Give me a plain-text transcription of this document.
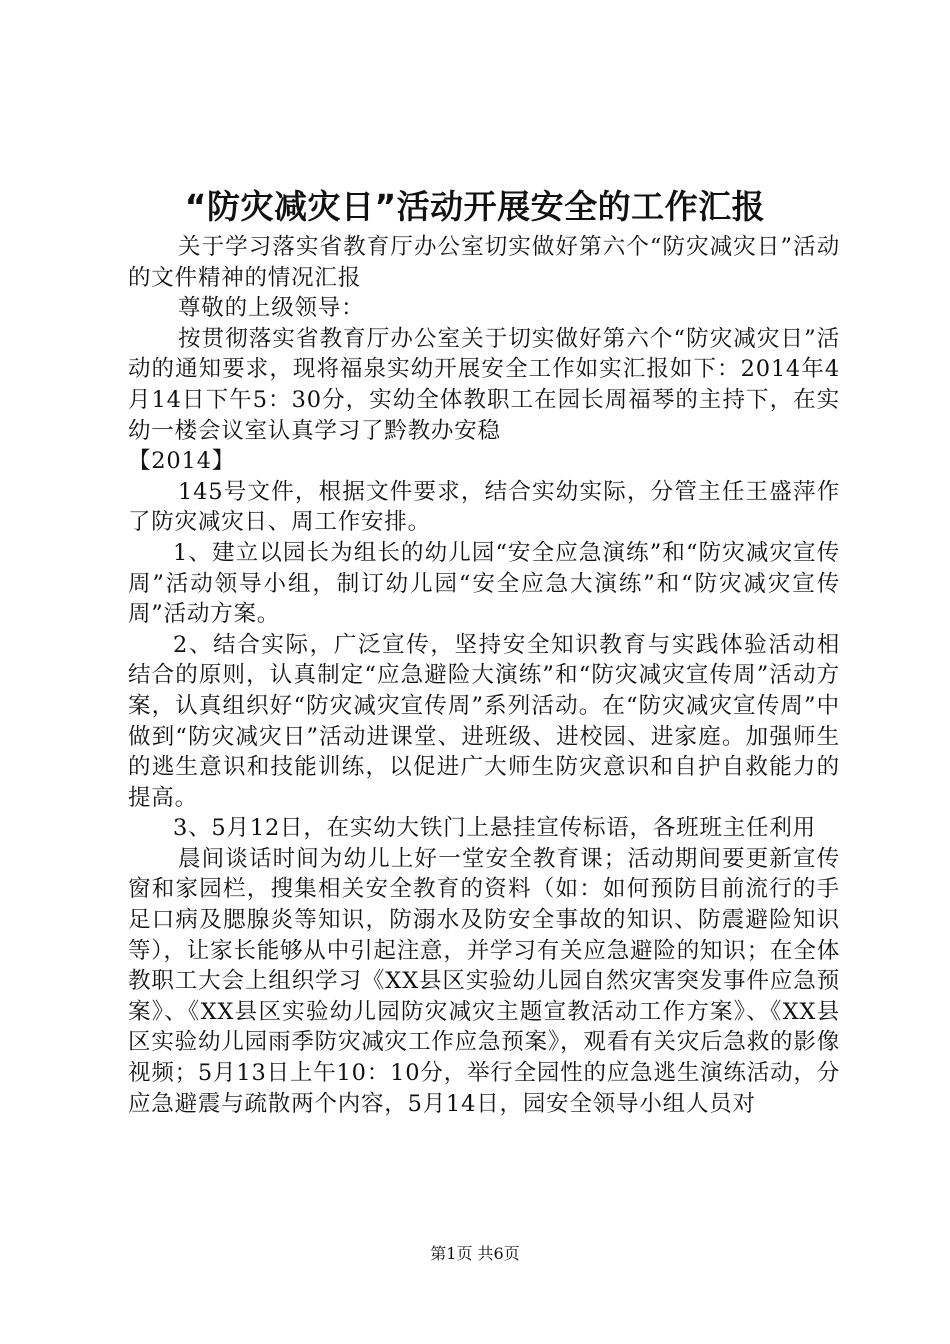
“防灾减灾日”活动开展安全的工作汇报

关于学习落实省教育厅办公室切实做好第六个“防灾减灾日”活动的文件精神的情况汇报

尊敬的上级领导：

按贯彻落实省教育厅办公室关于切实做好第六个“防灾减灾日”活动的通知要求，现将福泉实幼开展安全工作如实汇报如下：2014年4月14日下午5：30分，实幼全体教职工在园长周福琴的主持下，在实幼一楼会议室认真学习了黔教办安稳

【2014】

145号文件，根据文件要求，结合实幼实际，分管主任王盛萍作了防灾减灾日、周工作安排。

1、建立以园长为组长的幼儿园“安全应急演练”和“防灾减灾宣传周”活动领导小组，制订幼儿园“安全应急大演练”和“防灾减灾宣传周”活动方案。

2、结合实际，广泛宣传，坚持安全知识教育与实践体验活动相结合的原则，认真制定“应急避险大演练”和“防灾减灾宣传周”活动方案，认真组织好“防灾减灾宣传周”系列活动。在“防灾减灾宣传周”中做到“防灾减灾日”活动进课堂、进班级、进校园、进家庭。加强师生的逃生意识和技能训练，以促进广大师生防灾意识和自护自救能力的提高。

3、5月12日，在实幼大铁门上悬挂宣传标语，各班班主任利用

晨间谈话时间为幼儿上好一堂安全教育课；活动期间要更新宣传窗和家园栏，搜集相关安全教育的资料（如：如何预防目前流行的手足口病及腮腺炎等知识，防溺水及防安全事故的知识、防震避险知识等），让家长能够从中引起注意，并学习有关应急避险的知识；在全体教职工大会上组织学习《XX县区实验幼儿园自然灾害突发事件应急预案》、《XX县区实验幼儿园防灾减灾主题宣教活动工作方案》、《XX县区实验幼儿园雨季防灾减灾工作应急预案》，观看有关灾后急救的影像视频；5月13日上午10：10分，举行全园性的应急逃生演练活动，分应急避震与疏散两个内容，5月14日，园安全领导小组人员对

第1页 共6页
